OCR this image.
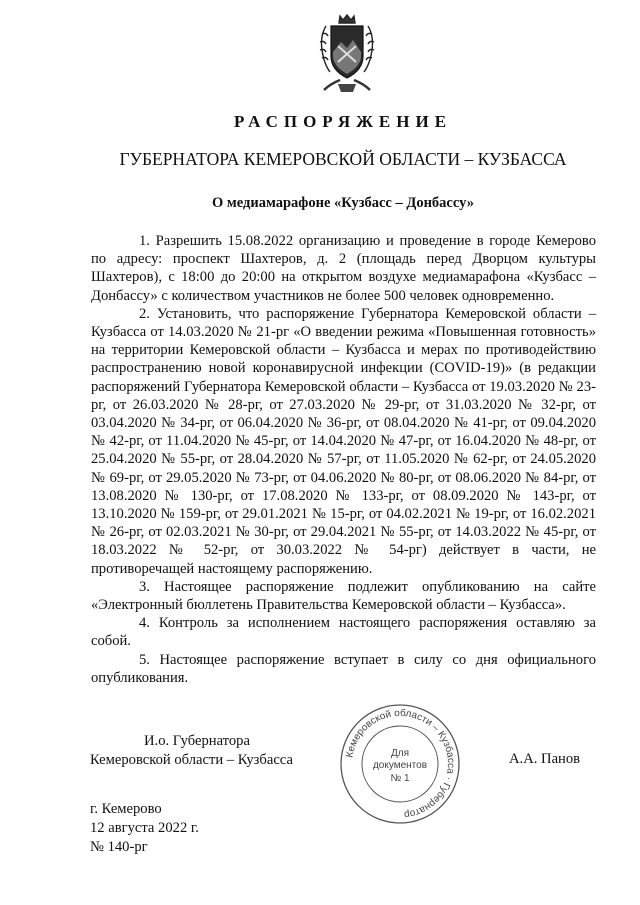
РАСПОРЯЖЕНИЕ
ГУБЕРНАТОРА КЕМЕРОВСКОЙ ОБЛАСТИ – КУЗБАССА
О медиамарафоне «Кузбасс – Донбассу»

1. Разрешить 15.08.2022 организацию и проведение в городе Кемерово по адресу: проспект Шахтеров, д. 2 (площадь перед Дворцом культуры Шахтеров), с 18:00 до 20:00 на открытом воздухе медиамарафона «Кузбасс – Донбассу» с количеством участников не более 500 человек одновременно.

2. Установить, что распоряжение Губернатора Кемеровской области – Кузбасса от 14.03.2020 № 21-рг «О введении режима «Повышенная готовность» на территории Кемеровской области – Кузбасса и мерах по противодействию распространению новой коронавирусной инфекции (COVID-19)» (в редакции распоряжений Губернатора Кемеровской области – Кузбасса от 19.03.2020 № 23-рг, от 26.03.2020 № 28-рг, от 27.03.2020 № 29-рг, от 31.03.2020 № 32-рг, от 03.04.2020 № 34-рг, от 06.04.2020 № 36-рг, от 08.04.2020 № 41-рг, от 09.04.2020 № 42-рг, от 11.04.2020 № 45-рг, от 14.04.2020 № 47-рг, от 16.04.2020 № 48-рг, от 25.04.2020 № 55-рг, от 28.04.2020 № 57-рг, от 11.05.2020 № 62-рг, от 24.05.2020 № 69-рг, от 29.05.2020 № 73-рг, от 04.06.2020 № 80-рг, от 08.06.2020 № 84-рг, от 13.08.2020 № 130-рг, от 17.08.2020 № 133-рг, от 08.09.2020 № 143-рг, от 13.10.2020 № 159-рг, от 29.01.2021 № 15-рг, от 04.02.2021 № 19-рг, от 16.02.2021 № 26-рг, от 02.03.2021 № 30-рг, от 29.04.2021 № 55-рг, от 14.03.2022 № 45-рг, от 18.03.2022 № 52-рг, от 30.03.2022 № 54-рг) действует в части, не противоречащей настоящему распоряжению.

3. Настоящее распоряжение подлежит опубликованию на сайте «Электронный бюллетень Правительства Кемеровской области – Кузбасса».

4. Контроль за исполнением настоящего распоряжения оставляю за собой.

5. Настоящее распоряжение вступает в силу со дня официального опубликования.

И.о. Губернатора
Кемеровской области – Кузбасса	Кемеровской области – Кузбасса · Губернатор
Для
документов
№ 1
А.А. Панов
г. Кемерово
12 августа 2022 г.
№ 140-рг
